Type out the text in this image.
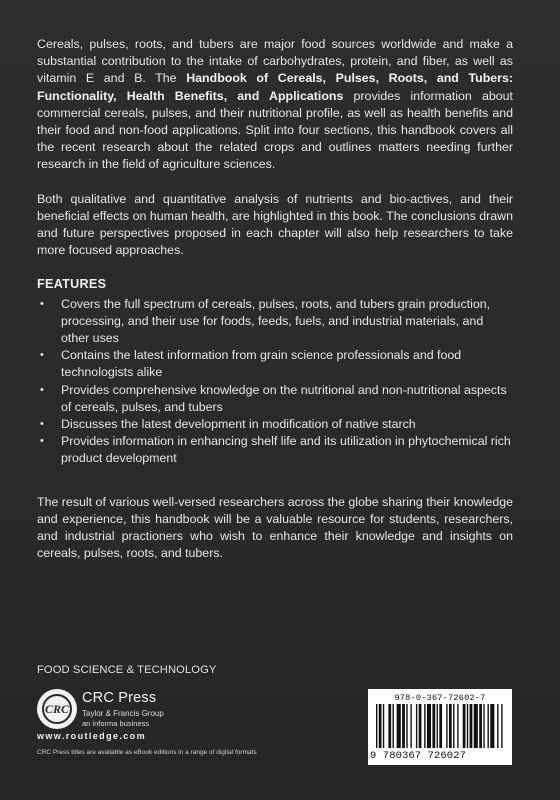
Cereals, pulses, roots, and tubers are major food sources worldwide and make a substantial contribution to the intake of carbohydrates, protein, and fiber, as well as vitamin E and B. The Handbook of Cereals, Pulses, Roots, and Tubers: Functionality, Health Benefits, and Applications provides information about commercial cereals, pulses, and their nutritional profile, as well as health benefits and their food and non-food applications. Split into four sections, this handbook covers all the recent research about the related crops and outlines matters needing further research in the field of agriculture sciences.

Both qualitative and quantitative analysis of nutrients and bio-actives, and their beneficial effects on human health, are highlighted in this book. The conclusions drawn and future perspectives proposed in each chapter will also help researchers to take more focused approaches.

FEATURES
• Covers the full spectrum of cereals, pulses, roots, and tubers grain production, processing, and their use for foods, feeds, fuels, and industrial materials, and other uses
• Contains the latest information from grain science professionals and food technologists alike
• Provides comprehensive knowledge on the nutritional and non-nutritional aspects of cereals, pulses, and tubers
• Discusses the latest development in modification of native starch
• Provides information in enhancing shelf life and its utilization in phytochemical rich product development

The result of various well-versed researchers across the globe sharing their knowledge and experience, this handbook will be a valuable resource for students, researchers, and industrial practioners who wish to enhance their knowledge and insights on cereals, pulses, roots, and tubers.

FOOD SCIENCE & TECHNOLOGY
CRC
CRC Press
Taylor & Francis Group
an informa business
www.routledge.com
CRC Press titles are available as eBook editions in a range of digital formats
978-0-367-72602-7
9 780367 726027
